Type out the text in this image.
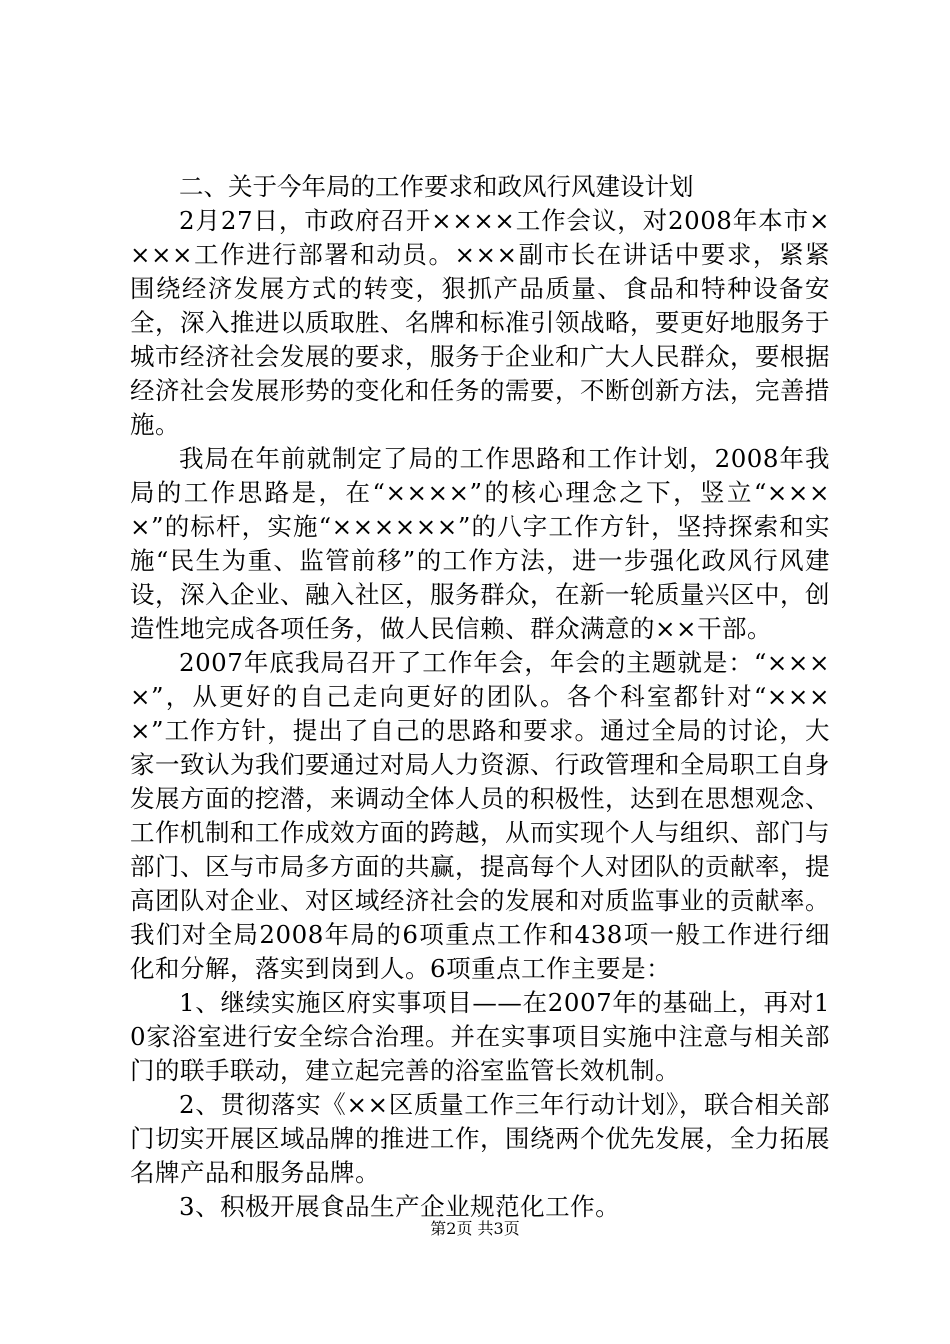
二、关于今年局的工作要求和政风行风建设计划

2月27日，市政府召开××××工作会议，对2008年本市××××工作进行部署和动员。×××副市长在讲话中要求，紧紧围绕经济发展方式的转变，狠抓产品质量、食品和特种设备安全，深入推进以质取胜、名牌和标准引领战略，要更好地服务于城市经济社会发展的要求，服务于企业和广大人民群众，要根据经济社会发展形势的变化和任务的需要，不断创新方法，完善措施。

我局在年前就制定了局的工作思路和工作计划，2008年我局的工作思路是，在“××××”的核心理念之下，竖立“××××”的标杆，实施“××××××”的八字工作方针，坚持探索和实施“民生为重、监管前移”的工作方法，进一步强化政风行风建设，深入企业、融入社区，服务群众，在新一轮质量兴区中，创造性地完成各项任务，做人民信赖、群众满意的××干部。

2007年底我局召开了工作年会，年会的主题就是：“××××”，从更好的自己走向更好的团队。各个科室都针对“××××”工作方针，提出了自己的思路和要求。通过全局的讨论，大家一致认为我们要通过对局人力资源、行政管理和全局职工自身发展方面的挖潜，来调动全体人员的积极性，达到在思想观念、工作机制和工作成效方面的跨越，从而实现个人与组织、部门与部门、区与市局多方面的共赢，提高每个人对团队的贡献率，提高团队对企业、对区域经济社会的发展和对质监事业的贡献率。我们对全局2008年局的6项重点工作和438项一般工作进行细化和分解，落实到岗到人。6项重点工作主要是：

1、继续实施区府实事项目——在2007年的基础上，再对10家浴室进行安全综合治理。并在实事项目实施中注意与相关部门的联手联动，建立起完善的浴室监管长效机制。

2、贯彻落实《××区质量工作三年行动计划》，联合相关部门切实开展区域品牌的推进工作，围绕两个优先发展，全力拓展名牌产品和服务品牌。

3、积极开展食品生产企业规范化工作。

第2页 共3页
